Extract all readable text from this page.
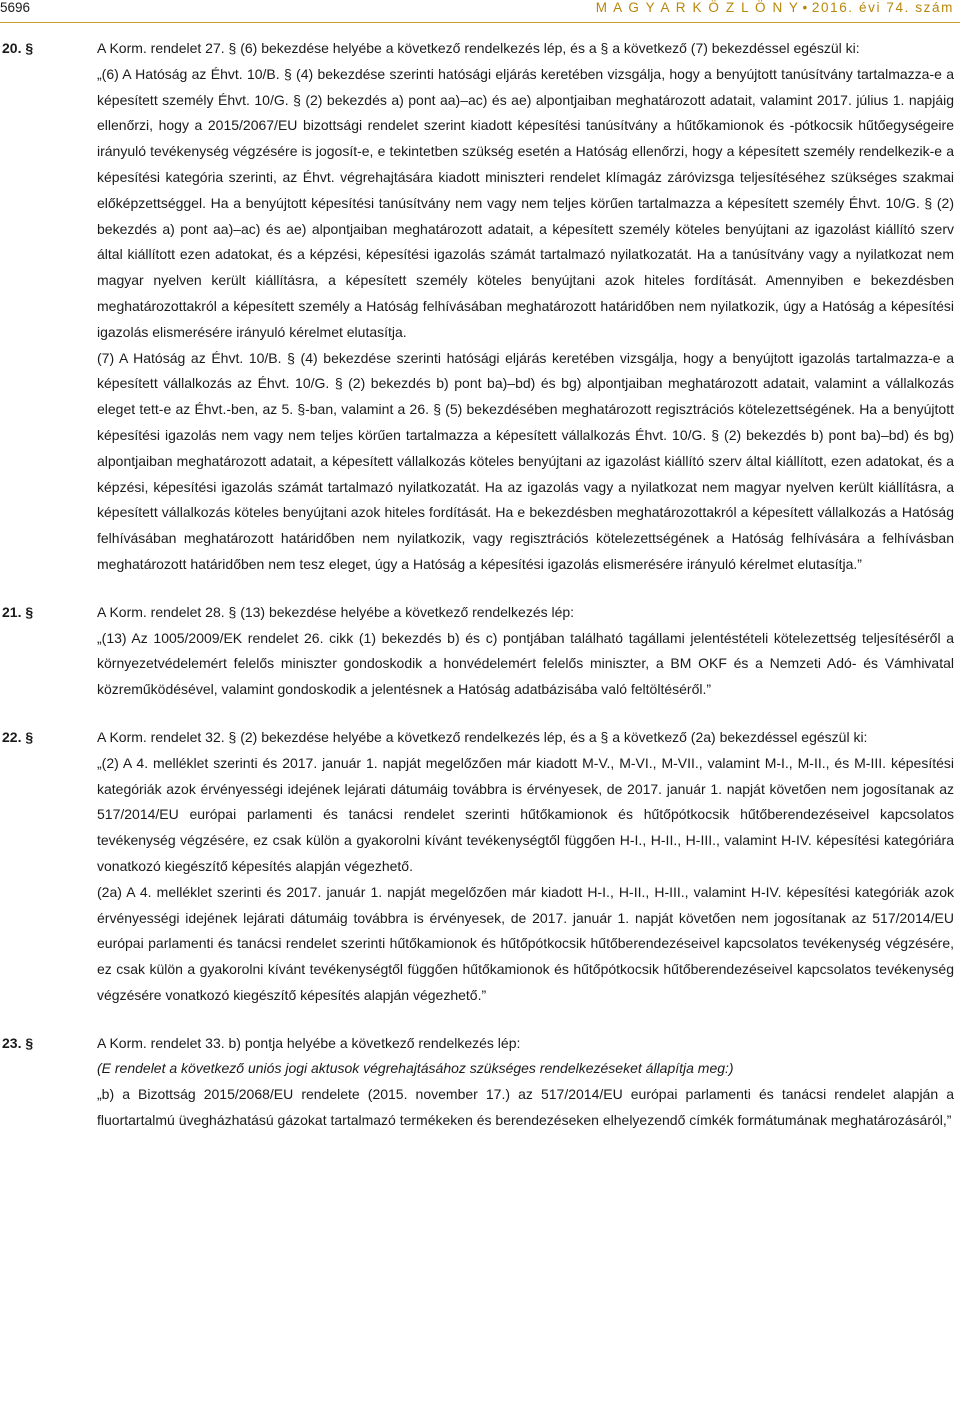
5696	M A G Y A R K Ö Z L Ö N Y • 2016. évi 74. szám
20. §	A Korm. rendelet 27. § (6) bekezdése helyébe a következő rendelkezés lép, és a § a következő (7) bekezdéssel egészül ki:

„(6) A Hatóság az Éhvt. 10/B. § (4) bekezdése szerinti hatósági eljárás keretében vizsgálja, hogy a benyújtott tanúsítvány tartalmazza-e a képesített személy Éhvt. 10/G. § (2) bekezdés a) pont aa)–ac) és ae) alpontjaiban meghatározott adatait, valamint 2017. július 1. napjáig ellenőrzi, hogy a 2015/2067/EU bizottsági rendelet szerint kiadott képesítési tanúsítvány a hűtőkamionok és -pótkocsik hűtőegységeire irányuló tevékenység végzésére is jogosít-e, e tekintetben szükség esetén a Hatóság ellenőrzi, hogy a képesített személy rendelkezik-e a képesítési kategória szerinti, az Éhvt. végrehajtására kiadott miniszteri rendelet klímagáz záróvizsga teljesítéséhez szükséges szakmai előképzettséggel. Ha a benyújtott képesítési tanúsítvány nem vagy nem teljes körűen tartalmazza a képesített személy Éhvt. 10/G. § (2) bekezdés a) pont aa)–ac) és ae) alpontjaiban meghatározott adatait, a képesített személy köteles benyújtani az igazolást kiállító szerv által kiállított ezen adatokat, és a képzési, képesítési igazolás számát tartalmazó nyilatkozatát. Ha a tanúsítvány vagy a nyilatkozat nem magyar nyelven került kiállításra, a képesített személy köteles benyújtani azok hiteles fordítását. Amennyiben e bekezdésben meghatározottakról a képesített személy a Hatóság felhívásában meghatározott határidőben nem nyilatkozik, úgy a Hatóság a képesítési igazolás elismerésére irányuló kérelmet elutasítja.

(7) A Hatóság az Éhvt. 10/B. § (4) bekezdése szerinti hatósági eljárás keretében vizsgálja, hogy a benyújtott igazolás tartalmazza-e a képesített vállalkozás az Éhvt. 10/G. § (2) bekezdés b) pont ba)–bd) és bg) alpontjaiban meghatározott adatait, valamint a vállalkozás eleget tett-e az Éhvt.-ben, az 5. §-ban, valamint a 26. § (5) bekezdésében meghatározott regisztrációs kötelezettségének. Ha a benyújtott képesítési igazolás nem vagy nem teljes körűen tartalmazza a képesített vállalkozás Éhvt. 10/G. § (2) bekezdés b) pont ba)–bd) és bg) alpontjaiban meghatározott adatait, a képesített vállalkozás köteles benyújtani az igazolást kiállító szerv által kiállított, ezen adatokat, és a képzési, képesítési igazolás számát tartalmazó nyilatkozatát. Ha az igazolás vagy a nyilatkozat nem magyar nyelven került kiállításra, a képesített vállalkozás köteles benyújtani azok hiteles fordítását. Ha e bekezdésben meghatározottakról a képesített vállalkozás a Hatóság felhívásában meghatározott határidőben nem nyilatkozik, vagy regisztrációs kötelezettségének a Hatóság felhívására a felhívásban meghatározott határidőben nem tesz eleget, úgy a Hatóság a képesítési igazolás elismerésére irányuló kérelmet elutasítja.”

21. §	A Korm. rendelet 28. § (13) bekezdése helyébe a következő rendelkezés lép:

„(13) Az 1005/2009/EK rendelet 26. cikk (1) bekezdés b) és c) pontjában található tagállami jelentéstételi kötelezettség teljesítéséről a környezetvédelemért felelős miniszter gondoskodik a honvédelemért felelős miniszter, a BM OKF és a Nemzeti Adó- és Vámhivatal közreműködésével, valamint gondoskodik a jelentésnek a Hatóság adatbázisába való feltöltéséről.”

22. §	A Korm. rendelet 32. § (2) bekezdése helyébe a következő rendelkezés lép, és a § a következő (2a) bekezdéssel egészül ki:

„(2) A 4. melléklet szerinti és 2017. január 1. napját megelőzően már kiadott M-V., M-VI., M-VII., valamint M-I., M-II., és M-III. képesítési kategóriák azok érvényességi idejének lejárati dátumáig továbbra is érvényesek, de 2017. január 1. napját követően nem jogosítanak az 517/2014/EU európai parlamenti és tanácsi rendelet szerinti hűtőkamionok és hűtőpótkocsik hűtőberendezéseivel kapcsolatos tevékenység végzésére, ez csak külön a gyakorolni kívánt tevékenységtől függően H-I., H-II., H-III., valamint H-IV. képesítési kategóriára vonatkozó kiegészítő képesítés alapján végezhető.

(2a) A 4. melléklet szerinti és 2017. január 1. napját megelőzően már kiadott H-I., H-II., H-III., valamint H-IV. képesítési kategóriák azok érvényességi idejének lejárati dátumáig továbbra is érvényesek, de 2017. január 1. napját követően nem jogosítanak az 517/2014/EU európai parlamenti és tanácsi rendelet szerinti hűtőkamionok és hűtőpótkocsik hűtőberendezéseivel kapcsolatos tevékenység végzésére, ez csak külön a gyakorolni kívánt tevékenységtől függően hűtőkamionok és hűtőpótkocsik hűtőberendezéseivel kapcsolatos tevékenység végzésére vonatkozó kiegészítő képesítés alapján végezhető.”

23. §	A Korm. rendelet 33. b) pontja helyébe a következő rendelkezés lép:

(E rendelet a következő uniós jogi aktusok végrehajtásához szükséges rendelkezéseket állapítja meg:)

„b) a Bizottság 2015/2068/EU rendelete (2015. november 17.) az 517/2014/EU európai parlamenti és tanácsi rendelet alapján a fluortartalmú üvegházhatású gázokat tartalmazó termékeken és berendezéseken elhelyezendő címkék formátumának meghatározásáról,”
